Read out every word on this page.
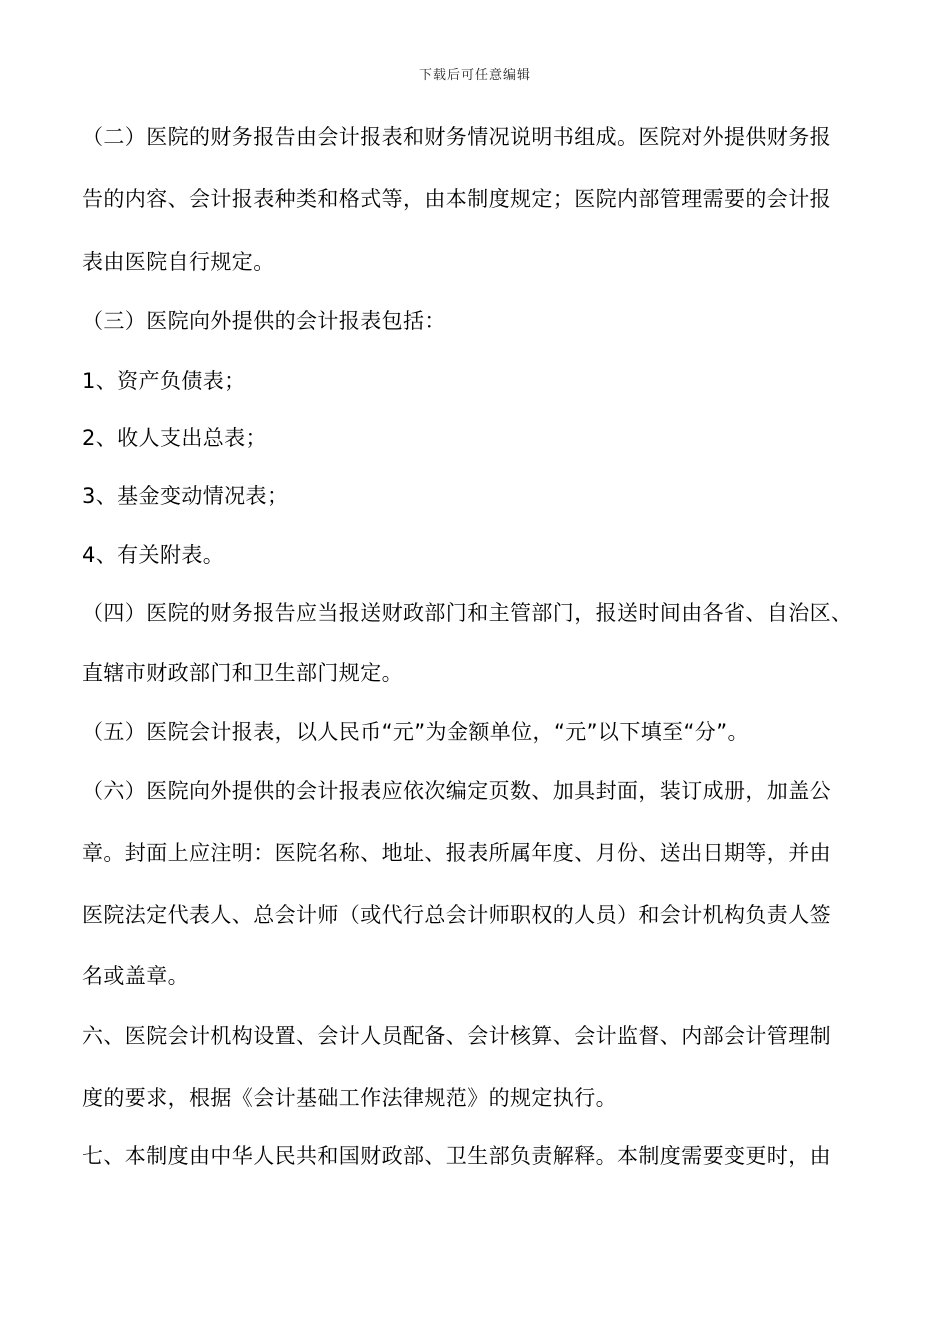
下载后可任意编辑
（二）医院的财务报告由会计报表和财务情况说明书组成。医院对外提供财务报
告的内容、会计报表种类和格式等，由本制度规定；医院内部管理需要的会计报
表由医院自行规定。
（三）医院向外提供的会计报表包括：
1、资产负债表；
2、收人支出总表；
3、基金变动情况表；
4、有关附表。
（四）医院的财务报告应当报送财政部门和主管部门，报送时间由各省、自治区、
直辖市财政部门和卫生部门规定。
（五）医院会计报表，以人民币“元”为金额单位，“元”以下填至“分”。
（六）医院向外提供的会计报表应依次编定页数、加具封面，装订成册，加盖公
章。封面上应注明：医院名称、地址、报表所属年度、月份、送出日期等，并由
医院法定代表人、总会计师（或代行总会计师职权的人员）和会计机构负责人签
名或盖章。
六、医院会计机构设置、会计人员配备、会计核算、会计监督、内部会计管理制
度的要求，根据《会计基础工作法律规范》的规定执行。
七、本制度由中华人民共和国财政部、卫生部负责解释。本制度需要变更时，由
